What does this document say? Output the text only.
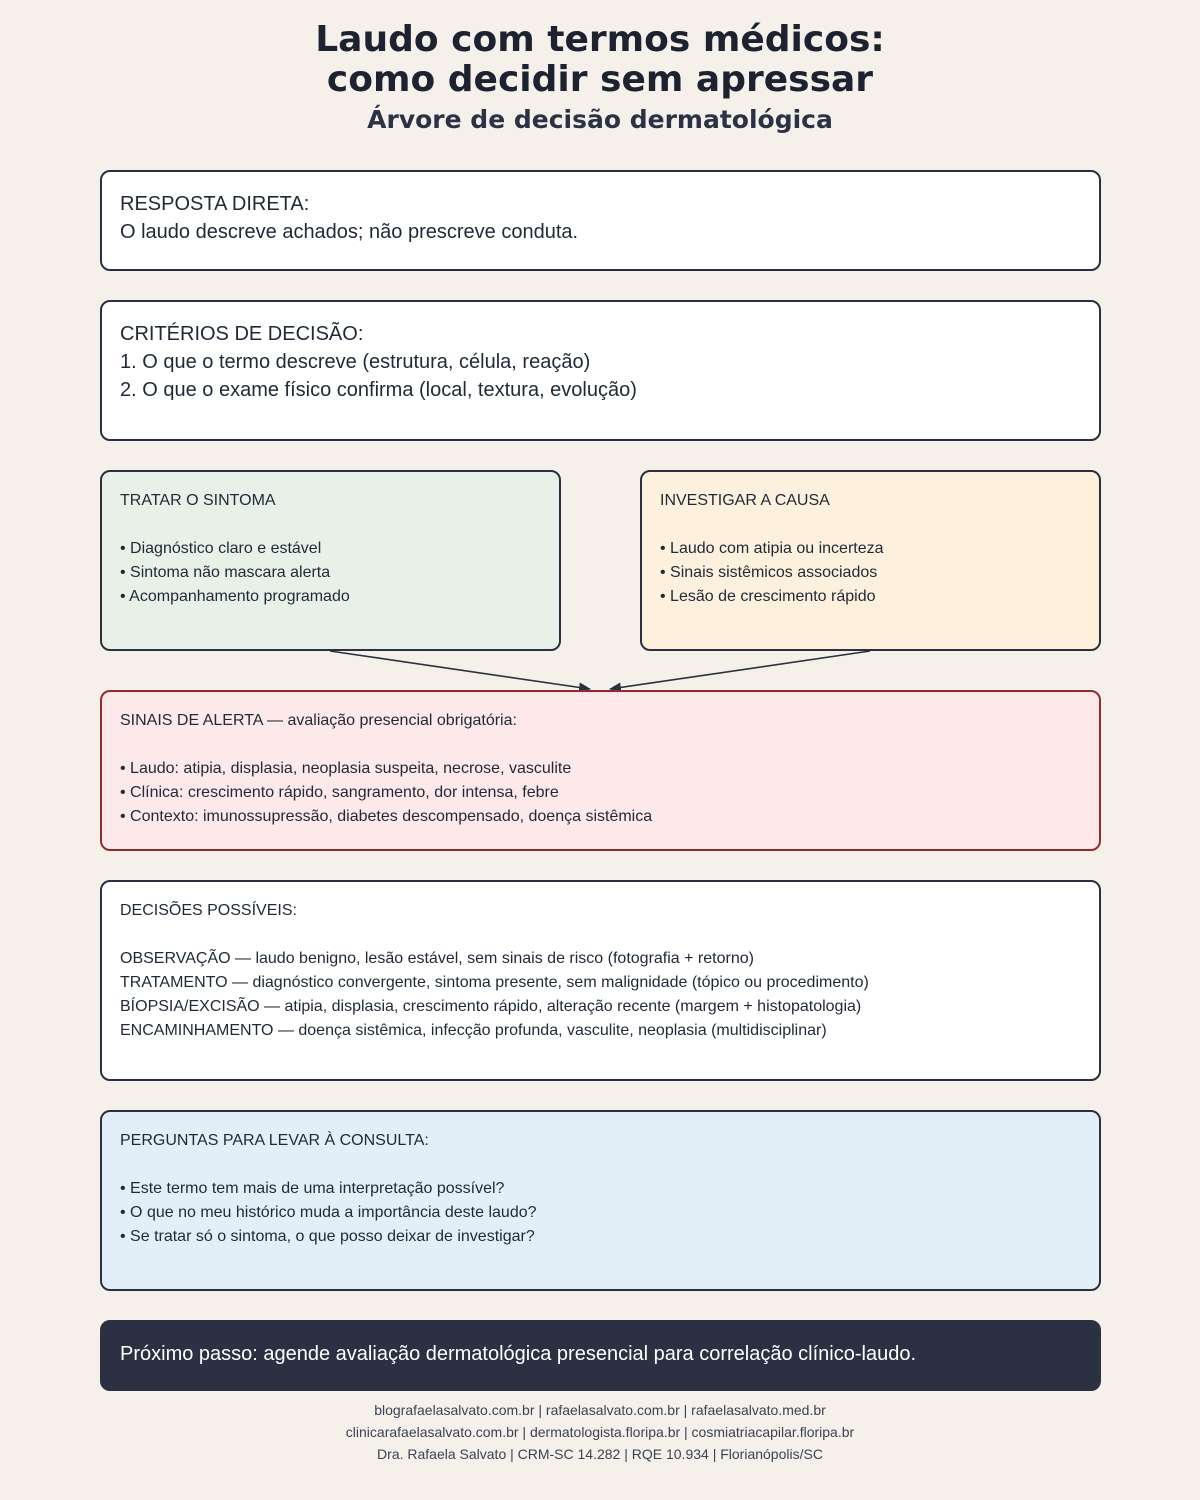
Laudo com termos médicos:
como decidir sem apressar
Árvore de decisão dermatológica
RESPOSTA DIRETA:
O laudo descreve achados; não prescreve conduta.
CRITÉRIOS DE DECISÃO:
1. O que o termo descreve (estrutura, célula, reação)
2. O que o exame físico confirma (local, textura, evolução)
TRATAR O SINTOMA
• Diagnóstico claro e estável
• Sintoma não mascara alerta
• Acompanhamento programado
INVESTIGAR A CAUSA
• Laudo com atipia ou incerteza
• Sinais sistêmicos associados
• Lesão de crescimento rápido
SINAIS DE ALERTA — avaliação presencial obrigatória:
• Laudo: atipia, displasia, neoplasia suspeita, necrose, vasculite
• Clínica: crescimento rápido, sangramento, dor intensa, febre
• Contexto: imunossupressão, diabetes descompensado, doença sistêmica
DECISÕES POSSÍVEIS:
OBSERVAÇÃO — laudo benigno, lesão estável, sem sinais de risco (fotografia + retorno)
TRATAMENTO — diagnóstico convergente, sintoma presente, sem malignidade (tópico ou procedimento)
BÍOPSIA/EXCISÃO — atipia, displasia, crescimento rápido, alteração recente (margem + histopatologia)
ENCAMINHAMENTO — doença sistêmica, infecção profunda, vasculite, neoplasia (multidisciplinar)
PERGUNTAS PARA LEVAR À CONSULTA:
• Este termo tem mais de uma interpretação possível?
• O que no meu histórico muda a importância deste laudo?
• Se tratar só o sintoma, o que posso deixar de investigar?
Próximo passo: agende avaliação dermatológica presencial para correlação clínico-laudo.
blografaelasalvato.com.br | rafaelasalvato.com.br | rafaelasalvato.med.br
clinicarafaelasalvato.com.br | dermatologista.floripa.br | cosmiatriacapilar.floripa.br
Dra. Rafaela Salvato | CRM-SC 14.282 | RQE 10.934 | Florianópolis/SC
